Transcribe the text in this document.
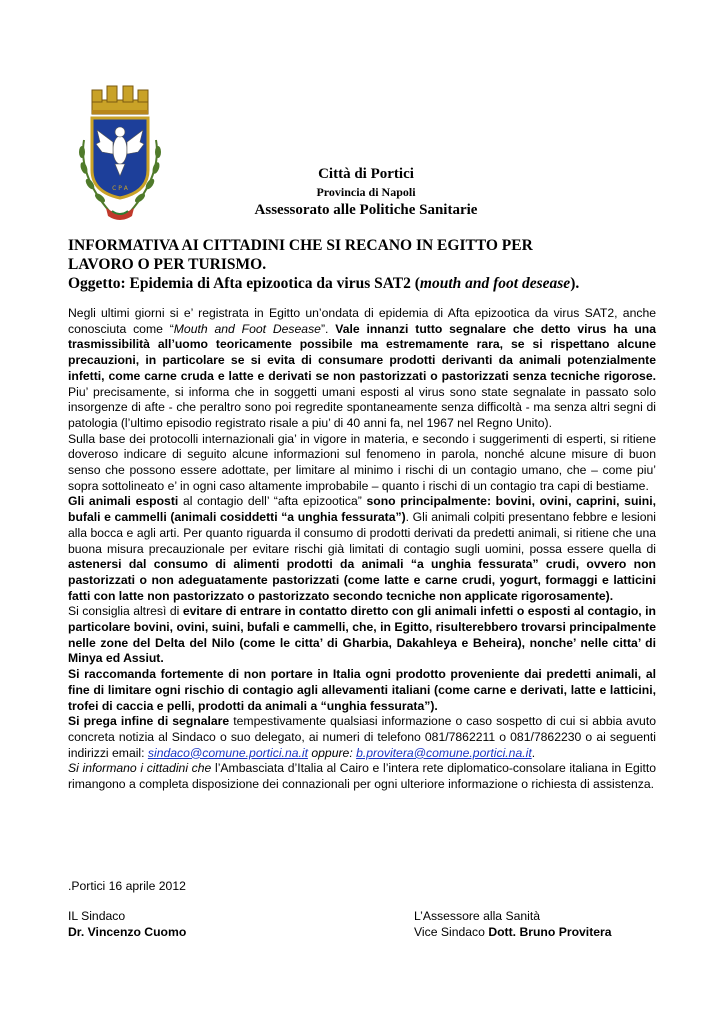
C P A
Città di Portici
Provincia di Napoli
Assessorato alle Politiche Sanitarie
INFORMATIVA AI CITTADINI CHE SI RECANO IN EGITTO PER
LAVORO O PER TURISMO.
Oggetto: Epidemia di Afta epizootica da virus SAT2 (mouth and foot desease).

Negli ultimi giorni si e’ registrata in Egitto un’ondata di epidemia di Afta epizootica da virus SAT2, anche conosciuta come “Mouth and Foot Desease”. Vale innanzi tutto segnalare che detto virus ha una trasmissibilità all’uomo teoricamente possibile ma estremamente rara, se si rispettano alcune precauzioni, in particolare se si evita di consumare prodotti derivanti da animali potenzialmente infetti, come carne cruda e latte e derivati se non pastorizzati o pastorizzati senza tecniche rigorose. Piu’ precisamente, si informa che in soggetti umani esposti al virus sono state segnalate in passato solo insorgenze di afte - che peraltro sono poi regredite spontaneamente senza difficoltà - ma senza altri segni di patologia (l’ultimo episodio registrato risale a piu’ di 40 anni fa, nel 1967 nel Regno Unito).

Sulla base dei protocolli internazionali gia’ in vigore in materia, e secondo i suggerimenti di esperti, si ritiene doveroso indicare di seguito alcune informazioni sul fenomeno in parola, nonché alcune misure di buon senso che possono essere adottate, per limitare al minimo i rischi di un contagio umano, che – come piu’ sopra sottolineato e’ in ogni caso altamente improbabile – quanto i rischi di un contagio tra capi di bestiame.

Gli animali esposti al contagio dell’ “afta epizootica” sono principalmente: bovini, ovini, caprini, suini, bufali e cammelli (animali cosiddetti “a unghia fessurata”). Gli animali colpiti presentano febbre e lesioni alla bocca e agli arti. Per quanto riguarda il consumo di prodotti derivati da predetti animali, si ritiene che una buona misura precauzionale per evitare rischi già limitati di contagio sugli uomini, possa essere quella di astenersi dal consumo di alimenti prodotti da animali “a unghia fessurata” crudi, ovvero non pastorizzati o non adeguatamente pastorizzati (come latte e carne crudi, yogurt, formaggi e latticini fatti con latte non pastorizzato o pastorizzato secondo tecniche non applicate rigorosamente).

Si consiglia altresì di evitare di entrare in contatto diretto con gli animali infetti o esposti al contagio, in particolare bovini, ovini, suini, bufali e cammelli, che, in Egitto, risulterebbero trovarsi principalmente nelle zone del Delta del Nilo (come le citta’ di Gharbia, Dakahleya e Beheira), nonche’ nelle citta’ di Minya ed Assiut.

Si raccomanda fortemente di non portare in Italia ogni prodotto proveniente dai predetti animali, al fine di limitare ogni rischio di contagio agli allevamenti italiani (come carne e derivati, latte e latticini, trofei di caccia e pelli, prodotti da animali a “unghia fessurata”).

Si prega infine di segnalare tempestivamente qualsiasi informazione o caso sospetto di cui si abbia avuto concreta notizia al Sindaco o suo delegato, ai numeri di telefono 081/7862211 o 081/7862230 o ai seguenti indirizzi email: sindaco@comune.portici.na.it oppure: b.provitera@comune.portici.na.it.

Si informano i cittadini che l’Ambasciata d’Italia al Cairo e l’intera rete diplomatico-consolare italiana in Egitto rimangono a completa disposizione dei connazionali per ogni ulteriore informazione o richiesta di assistenza.

.Portici 16 aprile 2012
IL Sindaco
Dr. Vincenzo Cuomo
L’Assessore alla Sanità
Vice Sindaco Dott. Bruno Provitera
